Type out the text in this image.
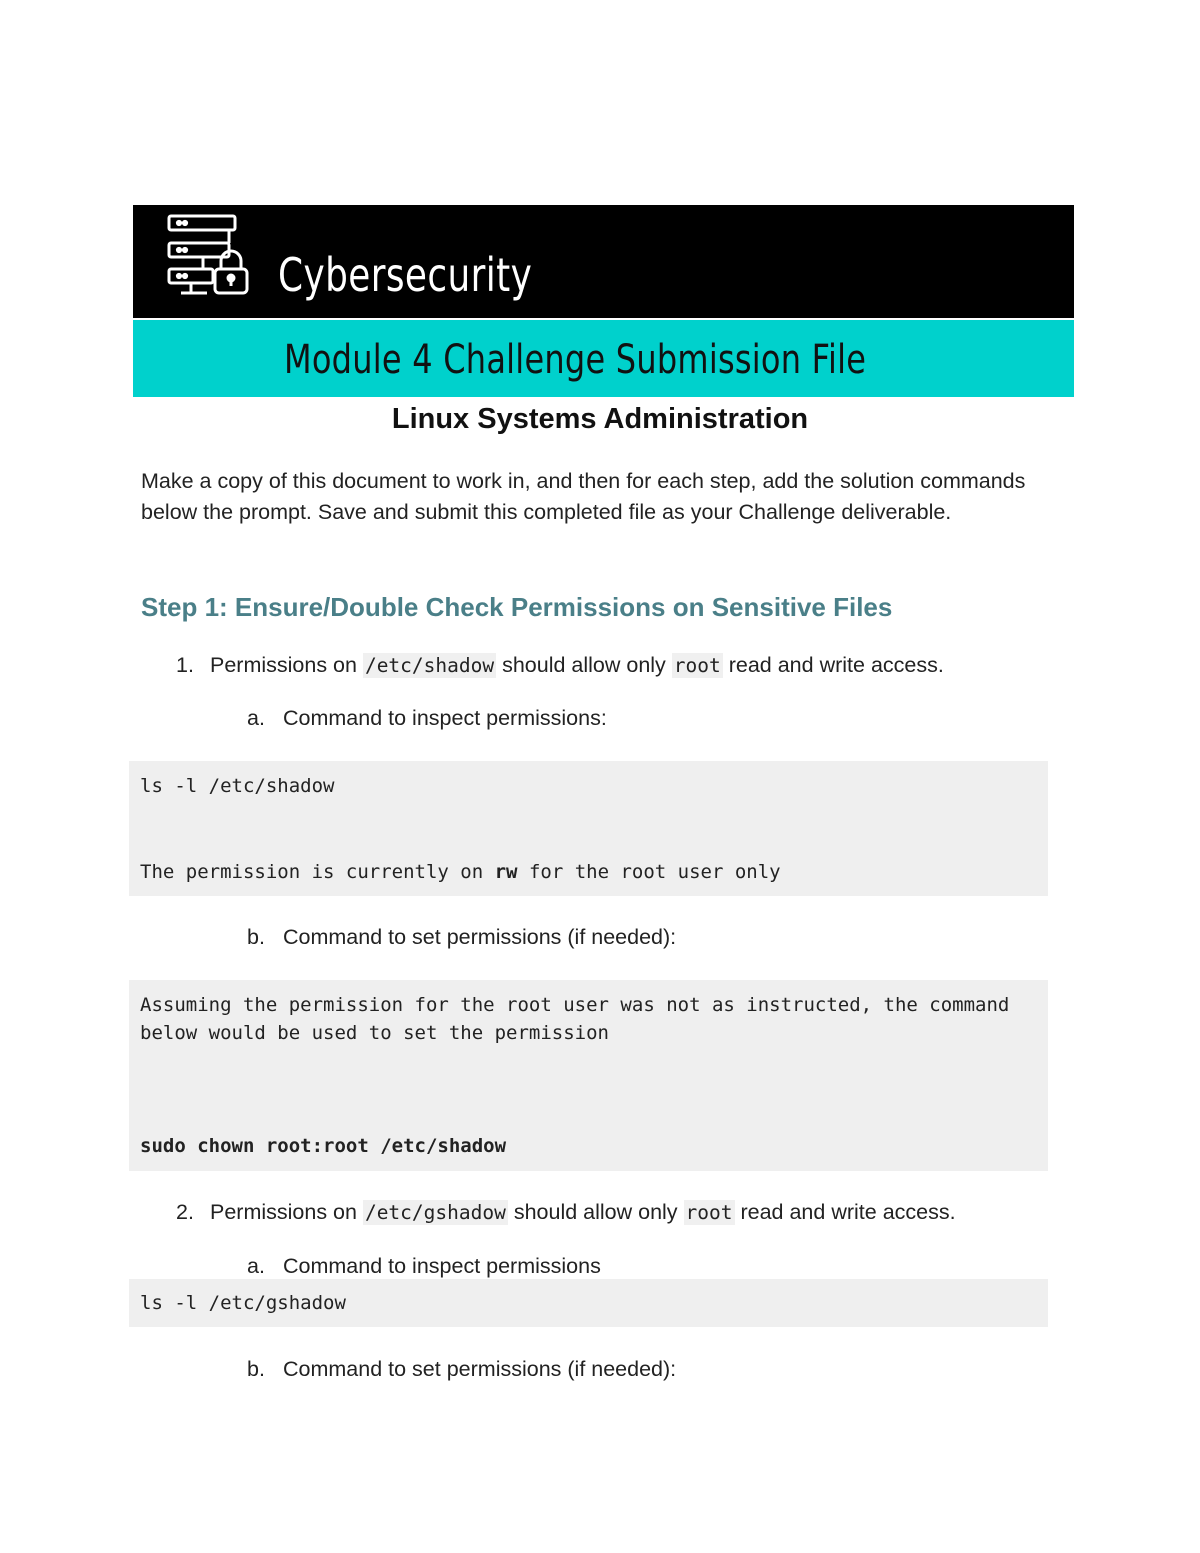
Cybersecurity
Module 4 Challenge Submission File
Linux Systems Administration

Make a copy of this document to work in, and then for each step, add the solution commands below the prompt. Save and submit this completed file as your Challenge deliverable.

Step 1: Ensure/Double Check Permissions on Sensitive Files
1. Permissions on /etc/shadow should allow only root read and write access.
a. Command to inspect permissions:
ls -l /etc/shadow
The permission is currently on rw for the root user only
b. Command to set permissions (if needed):
Assuming the permission for the root user was not as instructed, the command
below would be used to set the permission
sudo chown root:root /etc/shadow
2. Permissions on /etc/gshadow should allow only root read and write access.
a. Command to inspect permissions
ls -l /etc/gshadow
b. Command to set permissions (if needed):
